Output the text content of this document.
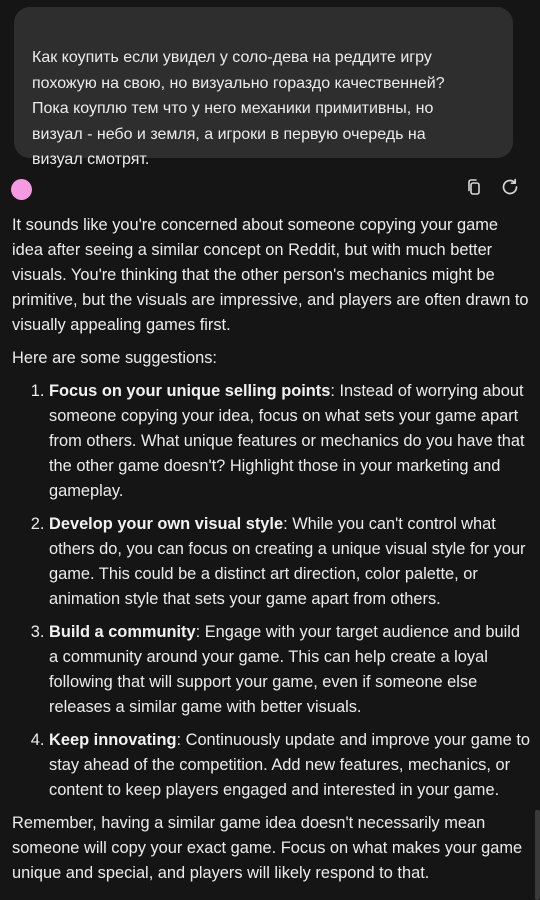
Как коупить если увидел у соло-дева на реддите игру
похожую на свою, но визуально гораздо качественней?
Пока коуплю тем что у него механики примитивны, но
визуал - небо и земля, а игроки в первую очередь на
визуал смотрят.

It sounds like you're concerned about someone copying your game idea after seeing a similar concept on Reddit, but with much better visuals. You're thinking that the other person's mechanics might be primitive, but the visuals are impressive, and players are often drawn to visually appealing games first.

Here are some suggestions:

1. Focus on your unique selling points: Instead of worrying about someone copying your idea, focus on what sets your game apart from others. What unique features or mechanics do you have that the other game doesn't? Highlight those in your marketing and gameplay.
2. Develop your own visual style: While you can't control what others do, you can focus on creating a unique visual style for your game. This could be a distinct art direction, color palette, or animation style that sets your game apart from others.
3. Build a community: Engage with your target audience and build a community around your game. This can help create a loyal following that will support your game, even if someone else releases a similar game with better visuals.
4. Keep innovating: Continuously update and improve your game to stay ahead of the competition. Add new features, mechanics, or content to keep players engaged and interested in your game.

Remember, having a similar game idea doesn't necessarily mean someone will copy your exact game. Focus on what makes your game unique and special, and players will likely respond to that.
